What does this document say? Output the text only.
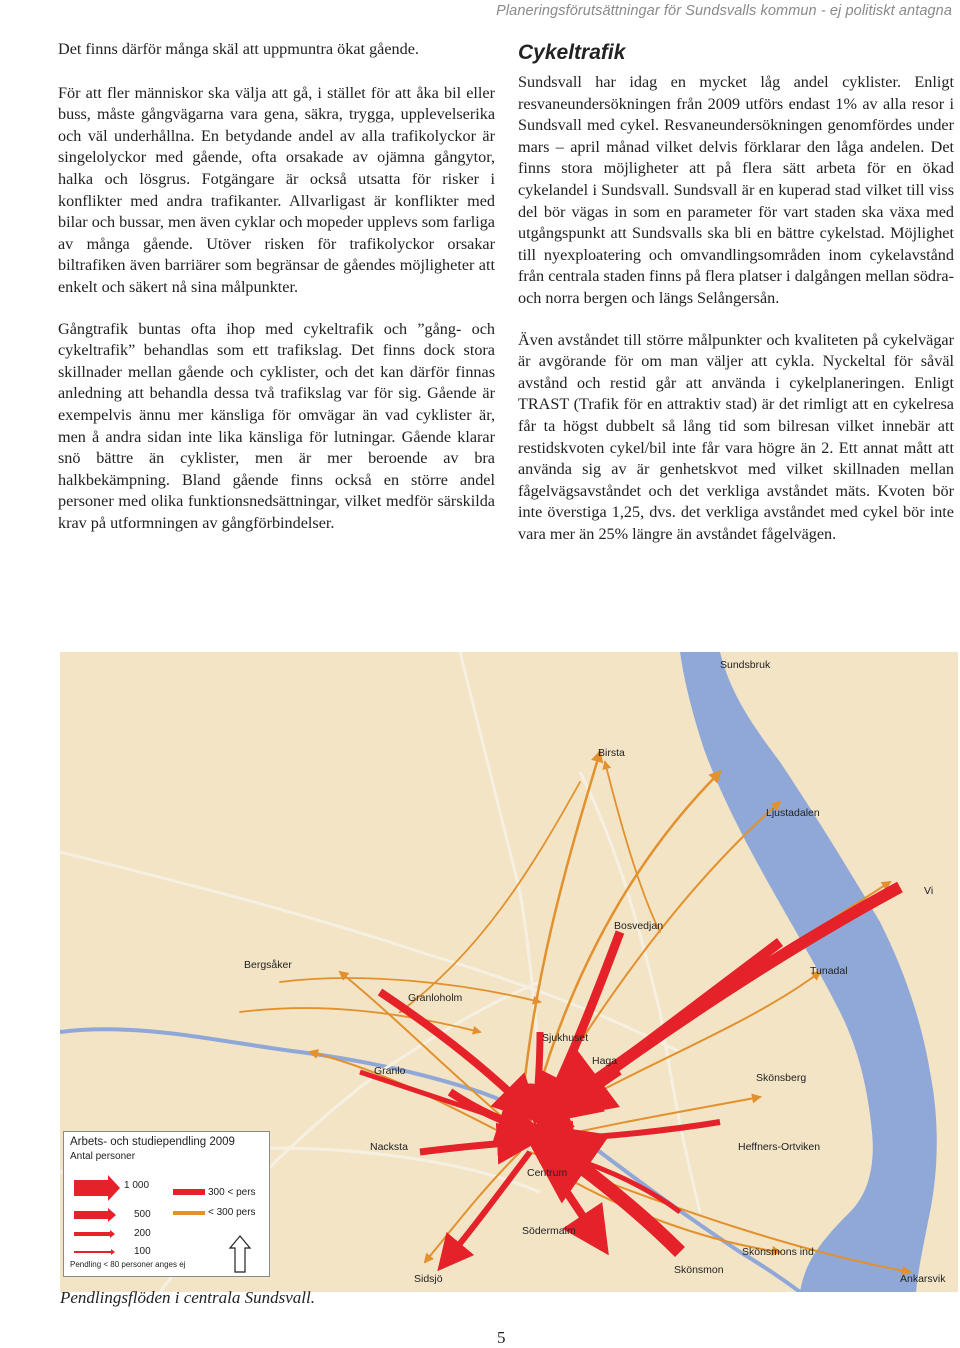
Planeringsförutsättningar för Sundsvalls kommun - ej politiskt antagna

Det finns därför många skäl att uppmuntra ökat gående.

För att fler människor ska välja att gå, i stället för att åka bil eller buss, måste gångvägarna vara gena, säkra, trygga, upplevelserika och väl underhållna. En betydande andel av alla trafikolyckor är singelolyckor med gående, ofta orsakade av ojämna gångytor, halka och lösgrus. Fotgängare är också utsatta för risker i konflikter med andra trafikanter. Allvarligast är konflikter med bilar och bussar, men även cyklar och mopeder upplevs som farliga av många gående. Utöver risken för trafikolyckor orsakar biltrafiken även barriärer som begränsar de gåendes möjligheter att enkelt och säkert nå sina målpunkter.

Gångtrafik buntas ofta ihop med cykeltrafik och ”gång- och cykeltrafik” behandlas som ett trafikslag. Det finns dock stora skillnader mellan gående och cyklister, och det kan därför finnas anledning att behandla dessa två trafikslag var för sig. Gående är exempelvis ännu mer känsliga för omvägar än vad cyklister är, men å andra sidan inte lika känsliga för lutningar. Gående klarar snö bättre än cyklister, men är mer beroende av bra halkbekämpning. Bland gående finns också en större andel personer med olika funktionsnedsättningar, vilket medför särskilda krav på utformningen av gångförbindelser.

Cykeltrafik

Sundsvall har idag en mycket låg andel cyklister. Enligt resvaneundersökningen från 2009 utförs endast 1% av alla resor i Sundsvall med cykel. Resvaneundersökningen genomfördes under mars – april månad vilket delvis förklarar den låga andelen. Det finns stora möjligheter att på flera sätt arbeta för en ökad cykelandel i Sundsvall. Sundsvall är en kuperad stad vilket till viss del bör vägas in som en parameter för vart staden ska växa med utgångspunkt att Sundsvalls ska bli en bättre cykelstad. Möjlighet till nyexploatering och omvandlingsområden inom cykelavstånd från centrala staden finns på flera platser i dalgången mellan södra- och norra bergen och längs Selångersån.

Även avståndet till större målpunkter och kvaliteten på cykelvägar är avgörande för om man väljer att cykla. Nyckeltal för såväl avstånd och restid går att använda i cykelplaneringen. Enligt TRAST (Trafik för en attraktiv stad) är det rimligt att en cykelresa får ta högst dubbelt så lång tid som bilresan vilket innebär att restidskvoten cykel/bil inte får vara högre än 2. Ett annat mått att använda sig av är genhetskvot med vilket skillnaden mellan fågelvägsavståndet och det verkliga avståndet mäts. Kvoten bör inte överstiga 1,25, dvs. det verkliga avståndet med cykel bör inte vara mer än 25% längre än avståndet fågelvägen.

Sundsbruk
Birsta
Ljustadalen
Vi
Bosvedjan
Bergsåker	Tunadal
Granloholm
Sjukhuset
Haga
Granlo
Skönsberg
Nacksta	Heffners-Ortviken
Centrum
Södermalm
Skönsmons ind
Skönsmon
Sidsjö	Ankarsvik
Arbets- och studiependling 2009
Antal personer
1 000
500
200
100
300 < pers
< 300 pers
Pendling < 80 personer anges ej
Pendlingsflöden i centrala Sundsvall.
5
